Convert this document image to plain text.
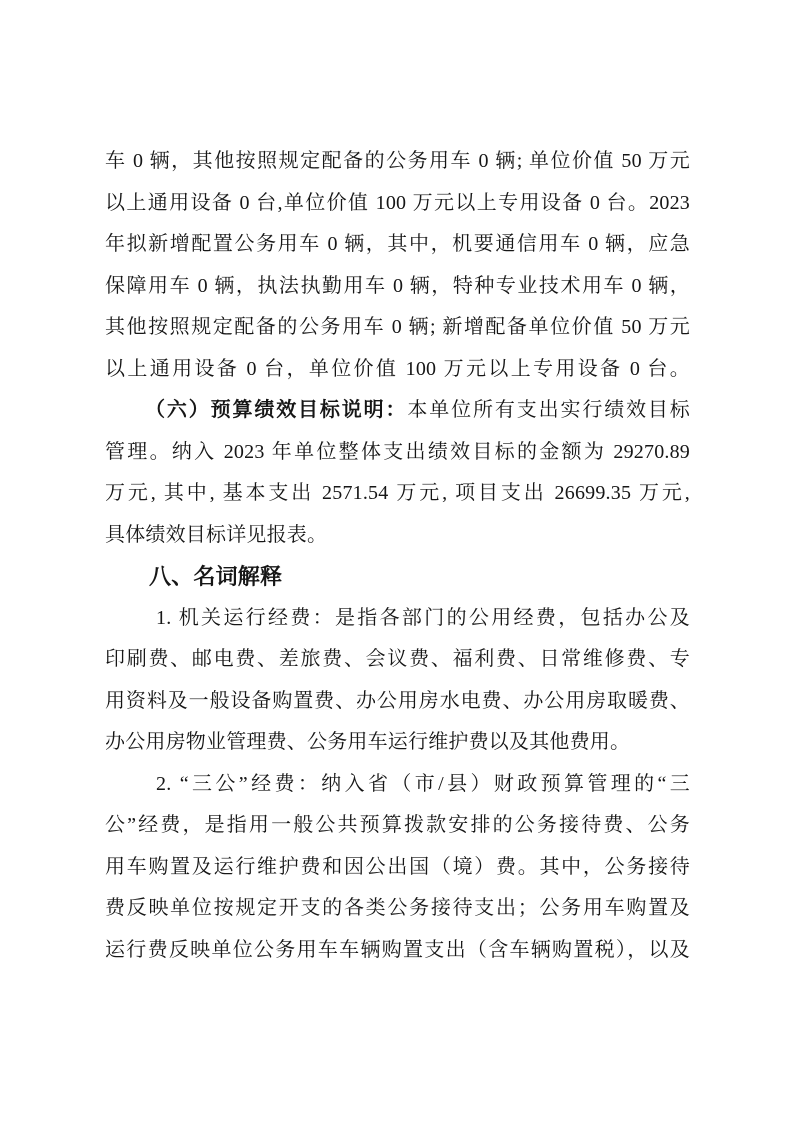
车 0 辆，其他按照规定配备的公务用车 0 辆; 单位价值 50 万元
以上通用设备 0 台,单位价值 100 万元以上专用设备 0 台。2023
年拟新增配置公务用车 0 辆，其中，机要通信用车 0 辆，应急
保障用车 0 辆，执法执勤用车 0 辆，特种专业技术用车 0 辆，
其他按照规定配备的公务用车 0 辆; 新增配备单位价值 50 万元
以上通用设备 0 台，单位价值 100 万元以上专用设备 0 台。
（六）预算绩效目标说明：本单位所有支出实行绩效目标
管理。纳入 2023 年单位整体支出绩效目标的金额为 29270.89
万元, 其中, 基本支出 2571.54 万元, 项目支出 26699.35 万元,
具体绩效目标详见报表。
八、名词解释
1. 机关运行经费：是指各部门的公用经费，包括办公及
印刷费、邮电费、差旅费、会议费、福利费、日常维修费、专
用资料及一般设备购置费、办公用房水电费、办公用房取暖费、
办公用房物业管理费、公务用车运行维护费以及其他费用。
2. “三公”经费：纳入省（市/县）财政预算管理的“三
公”经费，是指用一般公共预算拨款安排的公务接待费、公务
用车购置及运行维护费和因公出国（境）费。其中，公务接待
费反映单位按规定开支的各类公务接待支出；公务用车购置及
运行费反映单位公务用车车辆购置支出（含车辆购置税），以及
